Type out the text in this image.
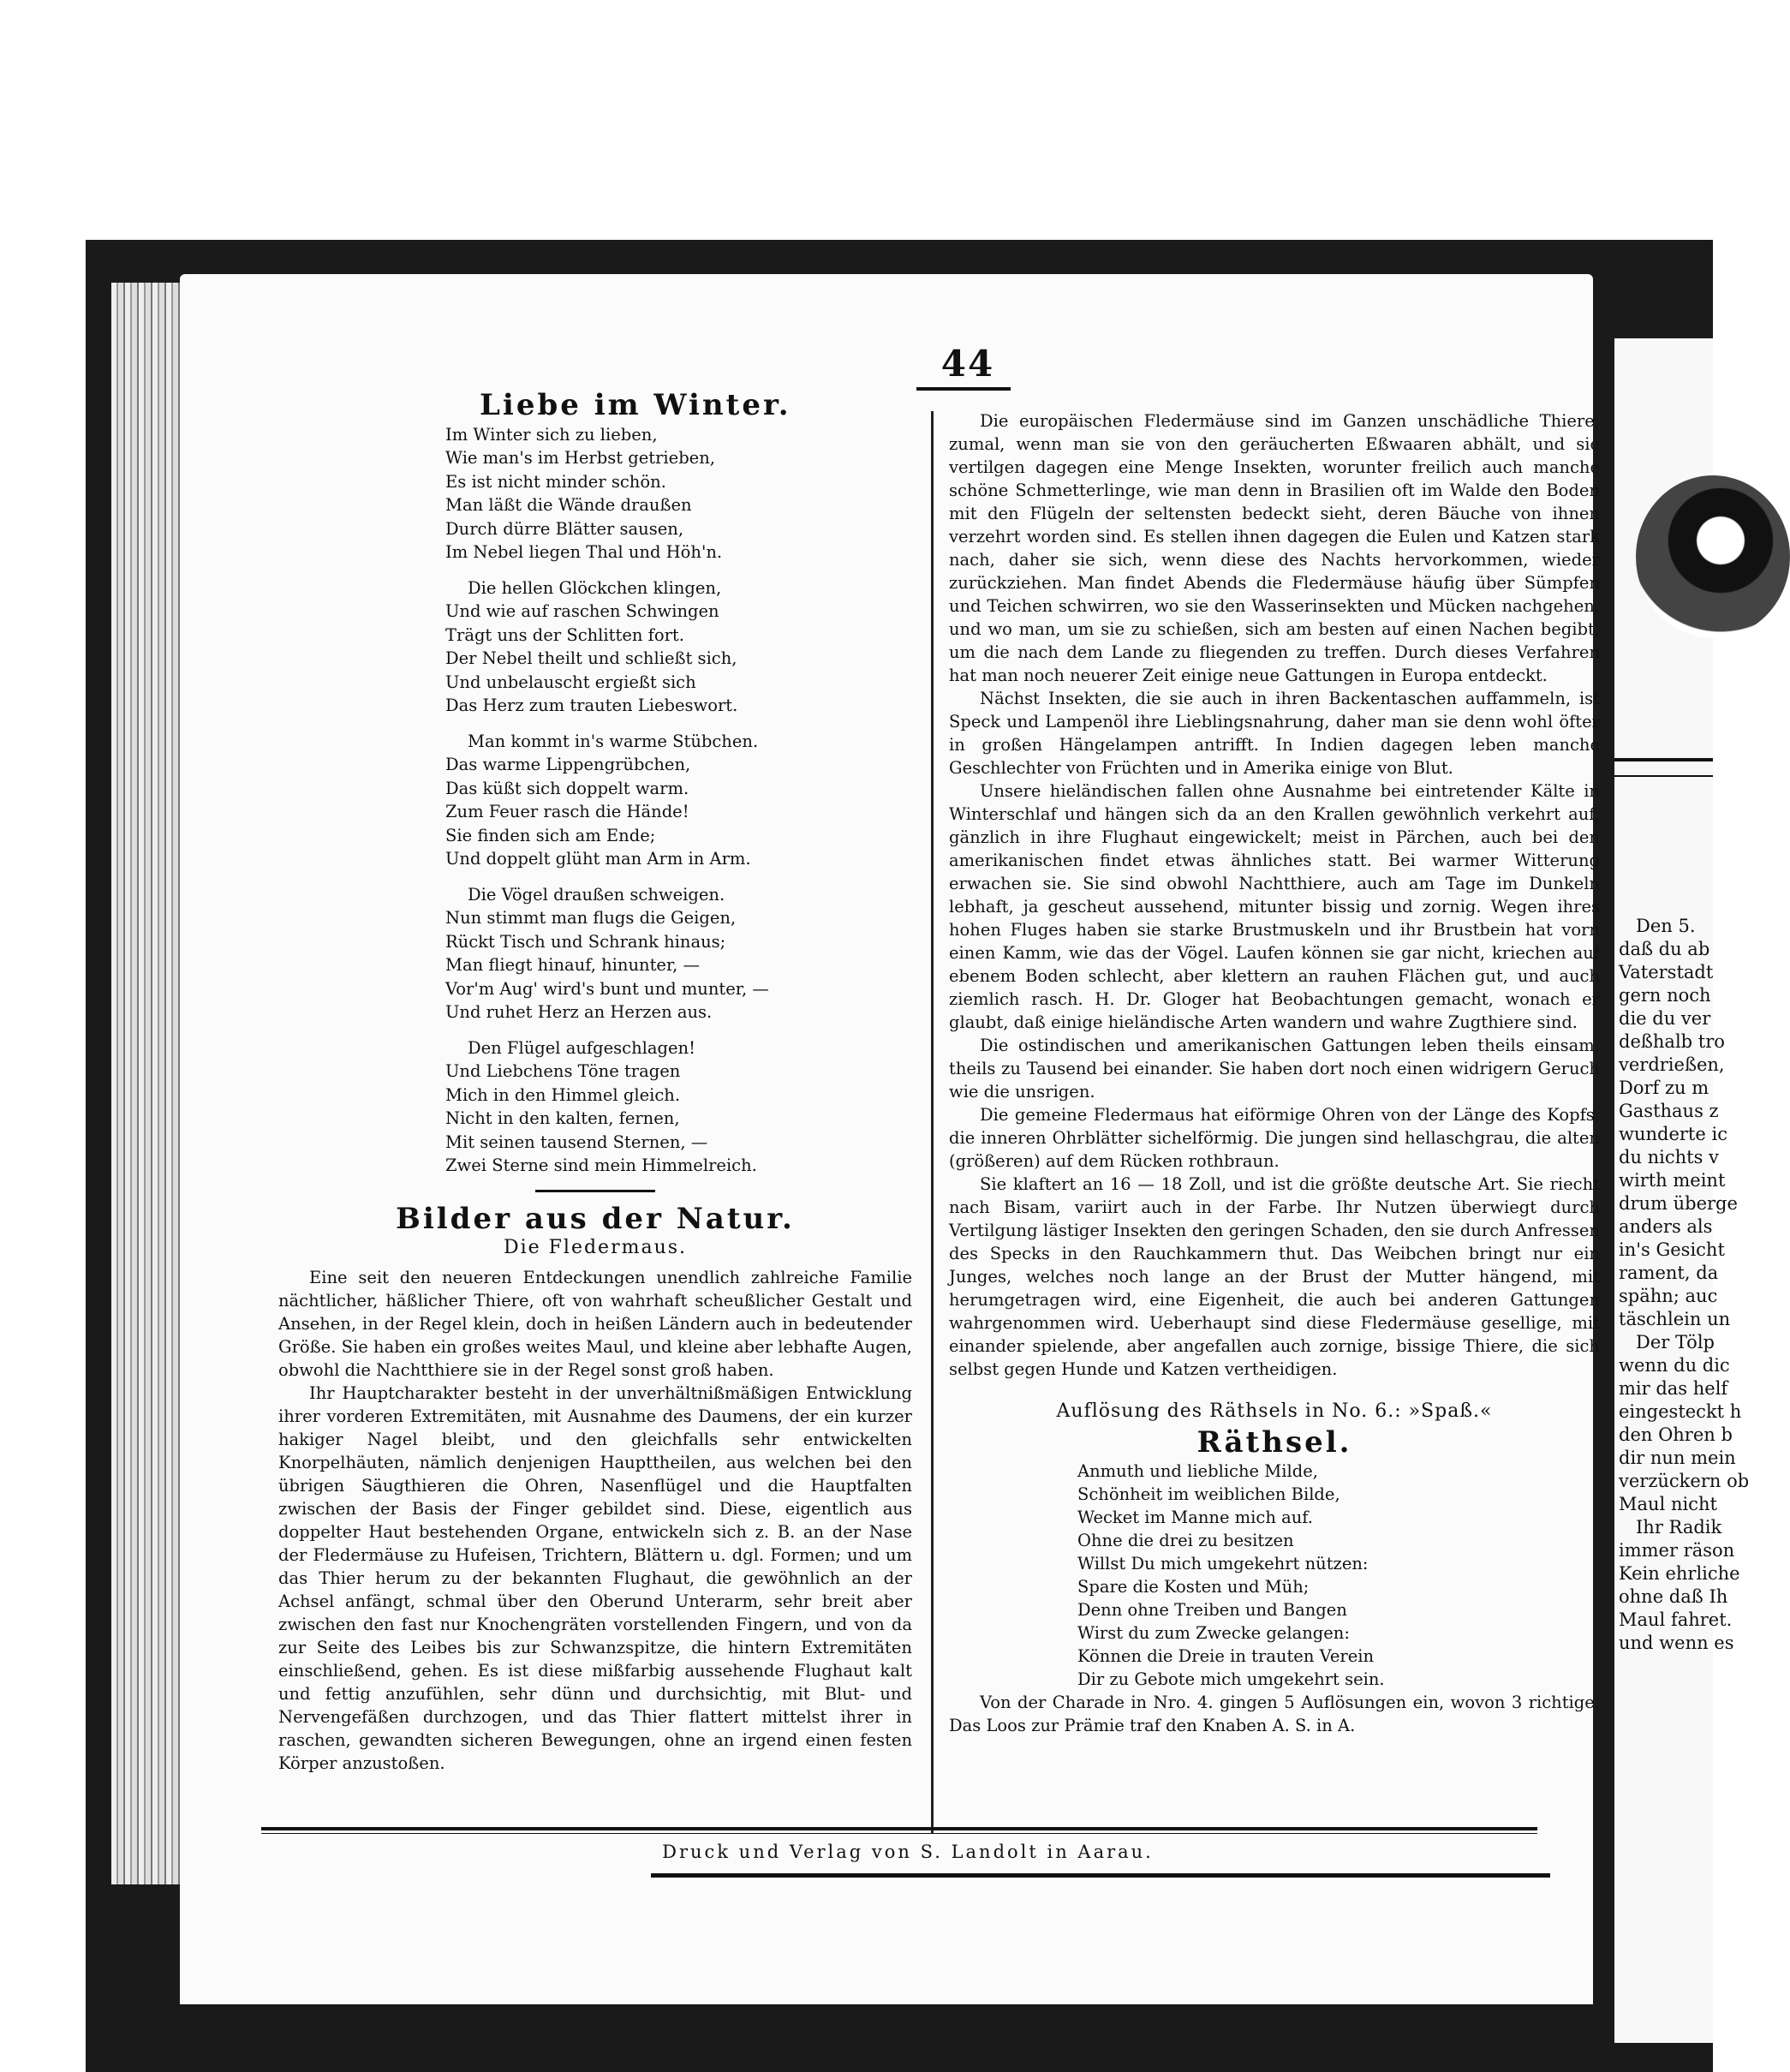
44
Liebe im Winter.
Im Winter sich zu lieben,
Wie man's im Herbst getrieben,
Es ist nicht minder schön.
Man läßt die Wände draußen
Durch dürre Blätter sausen,
Im Nebel liegen Thal und Höh'n.
Die hellen Glöckchen klingen,
Und wie auf raschen Schwingen
Trägt uns der Schlitten fort.
Der Nebel theilt und schließt sich,
Und unbelauscht ergießt sich
Das Herz zum trauten Liebeswort.
Man kommt in's warme Stübchen.
Das warme Lippengrübchen,
Das küßt sich doppelt warm.
Zum Feuer rasch die Hände!
Sie finden sich am Ende;
Und doppelt glüht man Arm in Arm.
Die Vögel draußen schweigen.
Nun stimmt man flugs die Geigen,
Rückt Tisch und Schrank hinaus;
Man fliegt hinauf, hinunter, —
Vor'm Aug' wird's bunt und munter, —
Und ruhet Herz an Herzen aus.
Den Flügel aufgeschlagen!
Und Liebchens Töne tragen
Mich in den Himmel gleich.
Nicht in den kalten, fernen,
Mit seinen tausend Sternen, —
Zwei Sterne sind mein Himmelreich.
Bilder aus der Natur.
Die Fledermaus.

Eine seit den neueren Entdeckungen unendlich zahlreiche Familie nächtlicher, häßlicher Thiere, oft von wahrhaft scheußlicher Gestalt und Ansehen, in der Regel klein, doch in heißen Ländern auch in bedeutender Größe. Sie haben ein großes weites Maul, und kleine aber lebhafte Augen, obwohl die Nachtthiere sie in der Regel sonst groß haben.

Ihr Hauptcharakter besteht in der unverhältnißmäßigen Entwicklung ihrer vorderen Extremitäten, mit Ausnahme des Daumens, der ein kurzer hakiger Nagel bleibt, und den gleichfalls sehr entwickelten Knorpelhäuten, nämlich denjenigen Haupttheilen, aus welchen bei den übrigen Säugthieren die Ohren, Nasenflügel und die Hauptfalten zwischen der Basis der Finger gebildet sind. Diese, eigentlich aus doppelter Haut bestehenden Organe, entwickeln sich z. B. an der Nase der Fledermäuse zu Hufeisen, Trichtern, Blättern u. dgl. Formen; und um das Thier herum zu der bekannten Flughaut, die gewöhnlich an der Achsel anfängt, schmal über den Oberund Unterarm, sehr breit aber zwischen den fast nur Knochengräten vorstellenden Fingern, und von da zur Seite des Leibes bis zur Schwanzspitze, die hintern Extremitäten einschließend, gehen. Es ist diese mißfarbig aussehende Flughaut kalt und fettig anzufühlen, sehr dünn und durchsichtig, mit Blut- und Nervengefäßen durchzogen, und das Thier flattert mittelst ihrer in raschen, gewandten sicheren Bewegungen, ohne an irgend einen festen Körper anzustoßen.

Die europäischen Fledermäuse sind im Ganzen unschädliche Thiere, zumal, wenn man sie von den geräucherten Eßwaaren abhält, und sie vertilgen dagegen eine Menge Insekten, worunter freilich auch manche schöne Schmetterlinge, wie man denn in Brasilien oft im Walde den Boden mit den Flügeln der seltensten bedeckt sieht, deren Bäuche von ihnen verzehrt worden sind. Es stellen ihnen dagegen die Eulen und Katzen stark nach, daher sie sich, wenn diese des Nachts hervorkommen, wieder zurückziehen. Man findet Abends die Fledermäuse häufig über Sümpfen und Teichen schwirren, wo sie den Wasserinsekten und Mücken nachgehen, und wo man, um sie zu schießen, sich am besten auf einen Nachen begibt, um die nach dem Lande zu fliegenden zu treffen. Durch dieses Verfahren hat man noch neuerer Zeit einige neue Gattungen in Europa entdeckt.

Nächst Insekten, die sie auch in ihren Backentaschen auffammeln, ist Speck und Lampenöl ihre Lieblingsnahrung, daher man sie denn wohl öfter in großen Hängelampen antrifft. In Indien dagegen leben manche Geschlechter von Früchten und in Amerika einige von Blut.

Unsere hieländischen fallen ohne Ausnahme bei eintretender Kälte in Winterschlaf und hängen sich da an den Krallen gewöhnlich verkehrt auf, gänzlich in ihre Flughaut eingewickelt; meist in Pärchen, auch bei den amerikanischen findet etwas ähnliches statt. Bei warmer Witterung erwachen sie. Sie sind obwohl Nachtthiere, auch am Tage im Dunkeln lebhaft, ja gescheut aussehend, mitunter bissig und zornig. Wegen ihres hohen Fluges haben sie starke Brustmuskeln und ihr Brustbein hat vorn einen Kamm, wie das der Vögel. Laufen können sie gar nicht, kriechen auf ebenem Boden schlecht, aber klettern an rauhen Flächen gut, und auch ziemlich rasch. H. Dr. Gloger hat Beobachtungen gemacht, wonach er glaubt, daß einige hieländische Arten wandern und wahre Zugthiere sind.

Die ostindischen und amerikanischen Gattungen leben theils einsam, theils zu Tausend bei einander. Sie haben dort noch einen widrigern Geruch wie die unsrigen.

Die gemeine Fledermaus hat eiförmige Ohren von der Länge des Kopfs, die inneren Ohrblätter sichelförmig. Die jungen sind hellaschgrau, die alten (größeren) auf dem Rücken rothbraun.

Sie klaftert an 16 — 18 Zoll, und ist die größte deutsche Art. Sie riecht nach Bisam, variirt auch in der Farbe. Ihr Nutzen überwiegt durch Vertilgung lästiger Insekten den geringen Schaden, den sie durch Anfressen des Specks in den Rauchkammern thut. Das Weibchen bringt nur ein Junges, welches noch lange an der Brust der Mutter hängend, mit herumgetragen wird, eine Eigenheit, die auch bei anderen Gattungen wahrgenommen wird. Ueberhaupt sind diese Fledermäuse gesellige, mit einander spielende, aber angefallen auch zornige, bissige Thiere, die sich selbst gegen Hunde und Katzen vertheidigen.

Auflösung des Räthsels in No. 6.: »Spaß.«
Räthsel.
Anmuth und liebliche Milde,
Schönheit im weiblichen Bilde,
Wecket im Manne mich auf.
Ohne die drei zu besitzen
Willst Du mich umgekehrt nützen:
Spare die Kosten und Müh;
Denn ohne Treiben und Bangen
Wirst du zum Zwecke gelangen:
Können die Dreie in trauten Verein
Dir zu Gebote mich umgekehrt sein.

Von der Charade in Nro. 4. gingen 5 Auflösungen ein, wovon 3 richtige. Das Loos zur Prämie traf den Knaben A. S. in A.

Druck und Verlag von S. Landolt in Aarau.
Den 5.
daß du ab
Vaterstadt
gern noch
die du ver
deßhalb tro
verdrießen,
Dorf zu m
Gasthaus z
wunderte ic
du nichts v
wirth meint
drum überge
anders als
in's Gesicht
rament, da
spähn; auc
täschlein un
Der Tölp
wenn du dic
mir das helf
eingesteckt h
den Ohren b
dir nun mein
verzückern ob
Maul nicht
Ihr Radik
immer räson
Kein ehrliche
ohne daß Ih
Maul fahret.
und wenn es
